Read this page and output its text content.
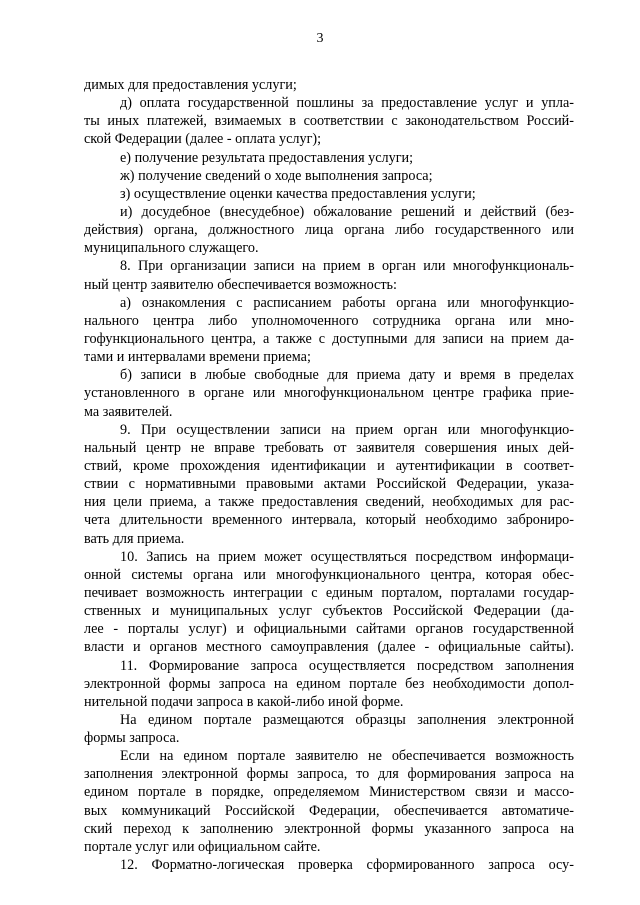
3
димых для предоставления услуги;
д) оплата государственной пошлины за предоставление услуг и упла-
ты иных платежей, взимаемых в соответствии с законодательством Россий-
ской Федерации (далее - оплата услуг);
е) получение результата предоставления услуги;
ж) получение сведений о ходе выполнения запроса;
з) осуществление оценки качества предоставления услуги;
и) досудебное (внесудебное) обжалование решений и действий (без-
действия) органа, должностного лица органа либо государственного или
муниципального служащего.
8. При организации записи на прием в орган или многофункциональ-
ный центр заявителю обеспечивается возможность:
а) ознакомления с расписанием работы органа или многофункцио-
нального центра либо уполномоченного сотрудника органа или мно-
гофункционального центра, а также с доступными для записи на прием да-
тами и интервалами времени приема;
б) записи в любые свободные для приема дату и время в пределах
установленного в органе или многофункциональном центре графика прие-
ма заявителей.
9. При осуществлении записи на прием орган или многофункцио-
нальный центр не вправе требовать от заявителя совершения иных дей-
ствий, кроме прохождения идентификации и аутентификации в соответ-
ствии с нормативными правовыми актами Российской Федерации, указа-
ния цели приема, а также предоставления сведений, необходимых для рас-
чета длительности временного интервала, который необходимо заброниро-
вать для приема.
10. Запись на прием может осуществляться посредством информаци-
онной системы органа или многофункционального центра, которая обес-
печивает возможность интеграции с единым порталом, порталами государ-
ственных и муниципальных услуг субъектов Российской Федерации (да-
лее - порталы услуг) и официальными сайтами органов государственной
власти и органов местного самоуправления (далее - официальные сайты).
11. Формирование запроса осуществляется посредством заполнения
электронной формы запроса на едином портале без необходимости допол-
нительной подачи запроса в какой-либо иной форме.
На едином портале размещаются образцы заполнения электронной
формы запроса.
Если на едином портале заявителю не обеспечивается возможность
заполнения электронной формы запроса, то для формирования запроса на
едином портале в порядке, определяемом Министерством связи и массо-
вых коммуникаций Российской Федерации, обеспечивается автоматиче-
ский переход к заполнению электронной формы указанного запроса на
портале услуг или официальном сайте.
12. Форматно-логическая проверка сформированного запроса осу-
